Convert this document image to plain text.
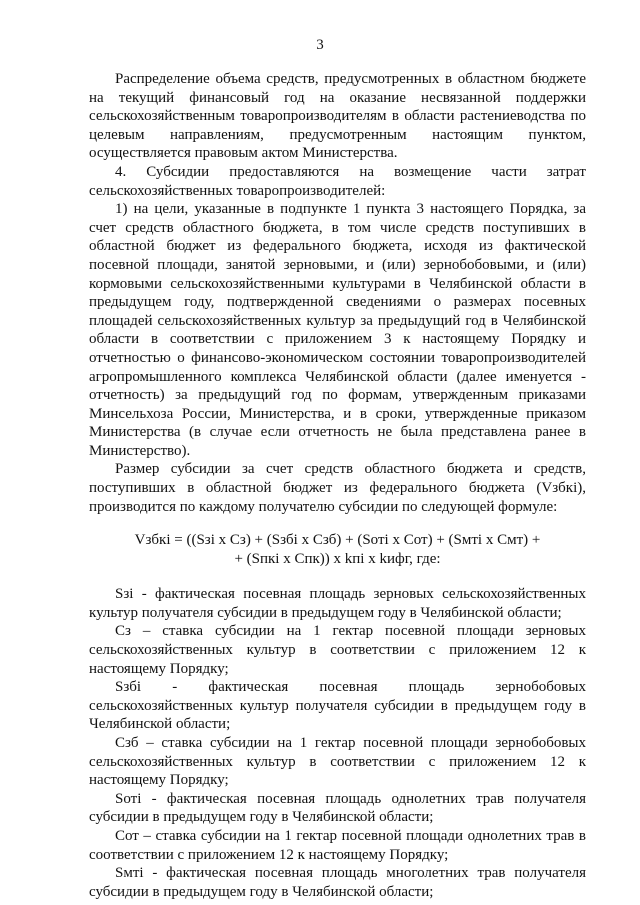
3

Распределение объема средств, предусмотренных в областном бюджете на текущий финансовый год на оказание несвязанной поддержки сельскохозяйственным товаропроизводителям в области растениеводства по целевым направлениям, предусмотренным настоящим пунктом, осуществляется правовым актом Министерства.

4. Субсидии предоставляются на возмещение части затрат сельскохозяйственных товаропроизводителей:

1) на цели, указанные в подпункте 1 пункта 3 настоящего Порядка, за счет средств областного бюджета, в том числе средств поступивших в областной бюджет из федерального бюджета, исходя из фактической посевной площади, занятой зерновыми, и (или) зернобобовыми, и (или) кормовыми сельскохозяйственными культурами в Челябинской области в предыдущем году, подтвержденной сведениями о размерах посевных площадей сельскохозяйственных культур за предыдущий год в Челябинской области в соответствии с приложением 3 к настоящему Порядку и отчетностью о финансово-экономическом состоянии товаропроизводителей агропромышленного комплекса Челябинской области (далее именуется - отчетность) за предыдущий год по формам, утвержденным приказами Минсельхоза России, Министерства, и в сроки, утвержденные приказом Министерства (в случае если отчетность не была представлена ранее в Министерство).

Размер субсидии за счет средств областного бюджета и средств, поступивших в областной бюджет из федерального бюджета (Vзбкi), производится по каждому получателю субсидии по следующей формуле:

Vзбкi = ((Sзi х Сз) + (Sзбi х Сзб) + (Sотi х Сот) + (Sмтi х Смт) +
+ (Sпкi х Спк)) х kпi х kифг, где:

Sзi - фактическая посевная площадь зерновых сельскохозяйственных культур получателя субсидии в предыдущем году в Челябинской области;

Сз – ставка субсидии на 1 гектар посевной площади зерновых сельскохозяйственных культур в соответствии с приложением 12 к настоящему Порядку;

Sзбi - фактическая посевная площадь зернобобовых сельскохозяйственных культур получателя субсидии в предыдущем году в Челябинской области;

Сзб – ставка субсидии на 1 гектар посевной площади зернобобовых сельскохозяйственных культур в соответствии с приложением 12 к настоящему Порядку;

Sотi - фактическая посевная площадь однолетних трав получателя субсидии в предыдущем году в Челябинской области;

Сот – ставка субсидии на 1 гектар посевной площади однолетних трав в соответствии с приложением 12 к настоящему Порядку;

Sмтi - фактическая посевная площадь многолетних трав получателя субсидии в предыдущем году в Челябинской области;
